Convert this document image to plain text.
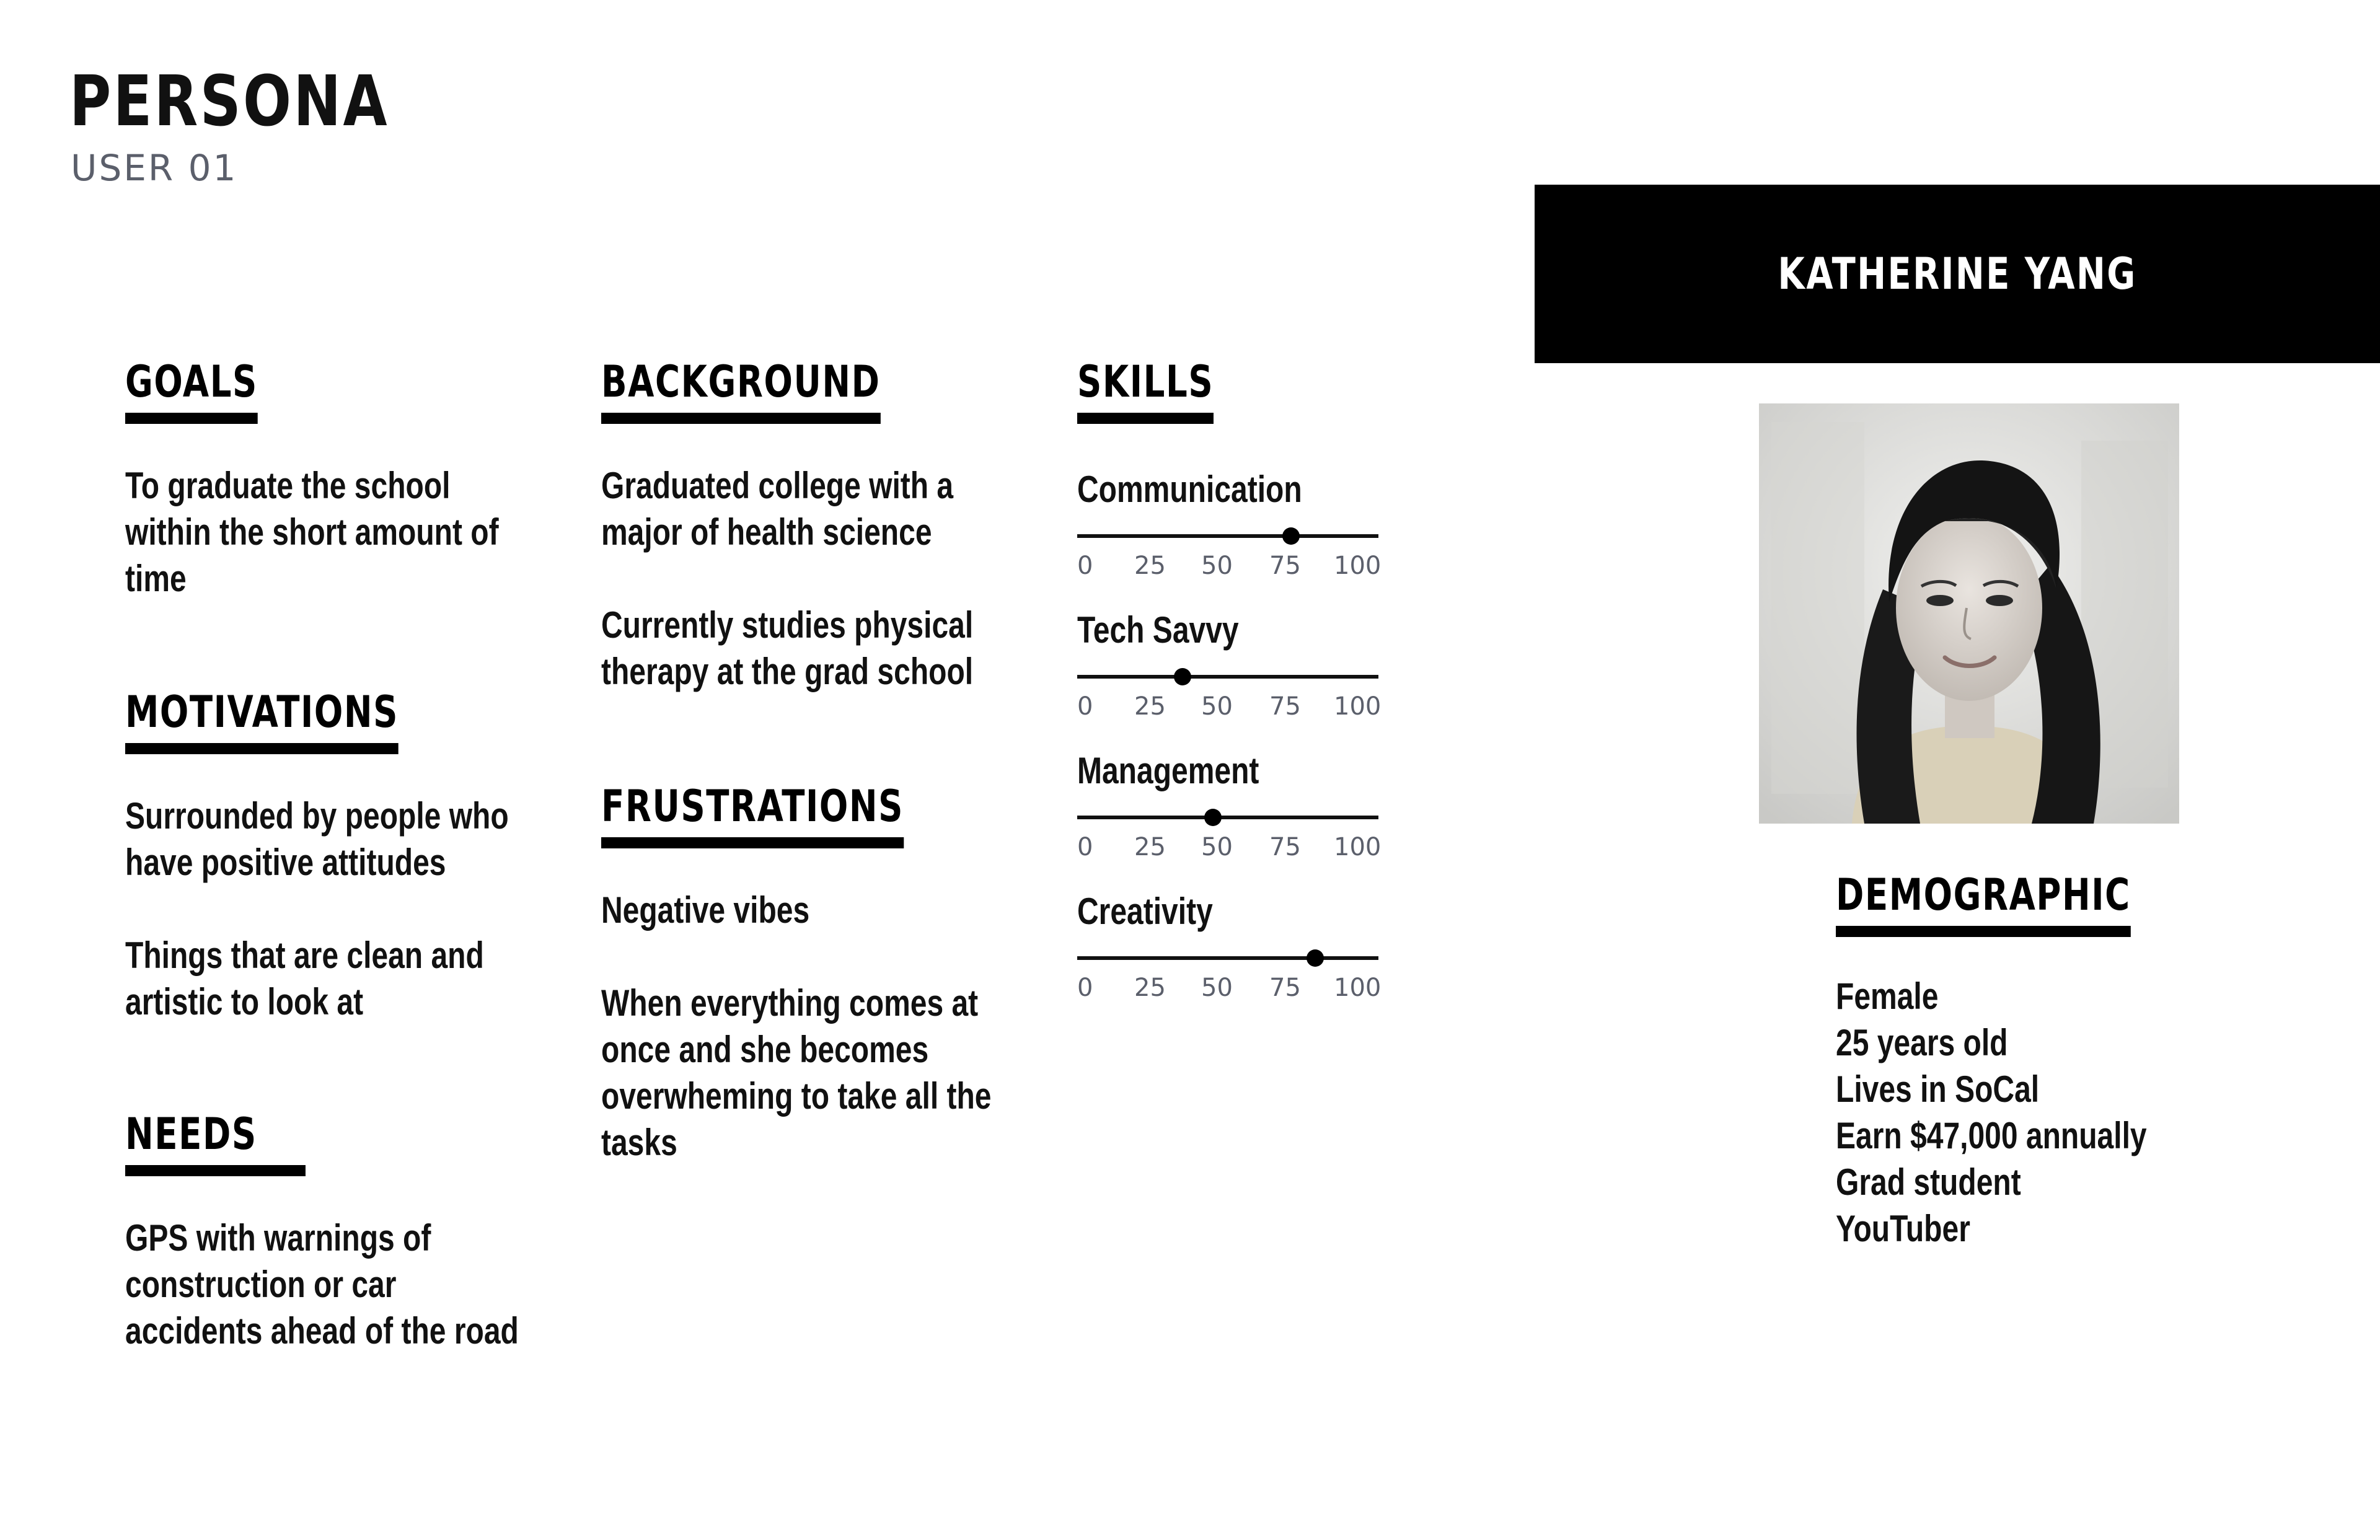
PERSONA
USER 01
GOALS

To graduate the school within the short amount of time

MOTIVATIONS

Surrounded by people who have positive attitudes

Things that are clean and artistic to look at

NEEDS

GPS with warnings of construction or car accidents ahead of the road

BACKGROUND

Graduated college with a major of health science

Currently studies physical therapy at the grad school

FRUSTRATIONS

Negative vibes

When everything comes at once and she becomes overwheming to take all the tasks

SKILLS
Communication
0 25 50 75 100
Tech Savvy
0 25 50 75 100
Management
0 25 50 75 100
Creativity
0 25 50 75 100
KATHERINE YANG
DEMOGRAPHIC
Female
25 years old
Lives in SoCal
Earn $47,000 annually
Grad student
YouTuber
